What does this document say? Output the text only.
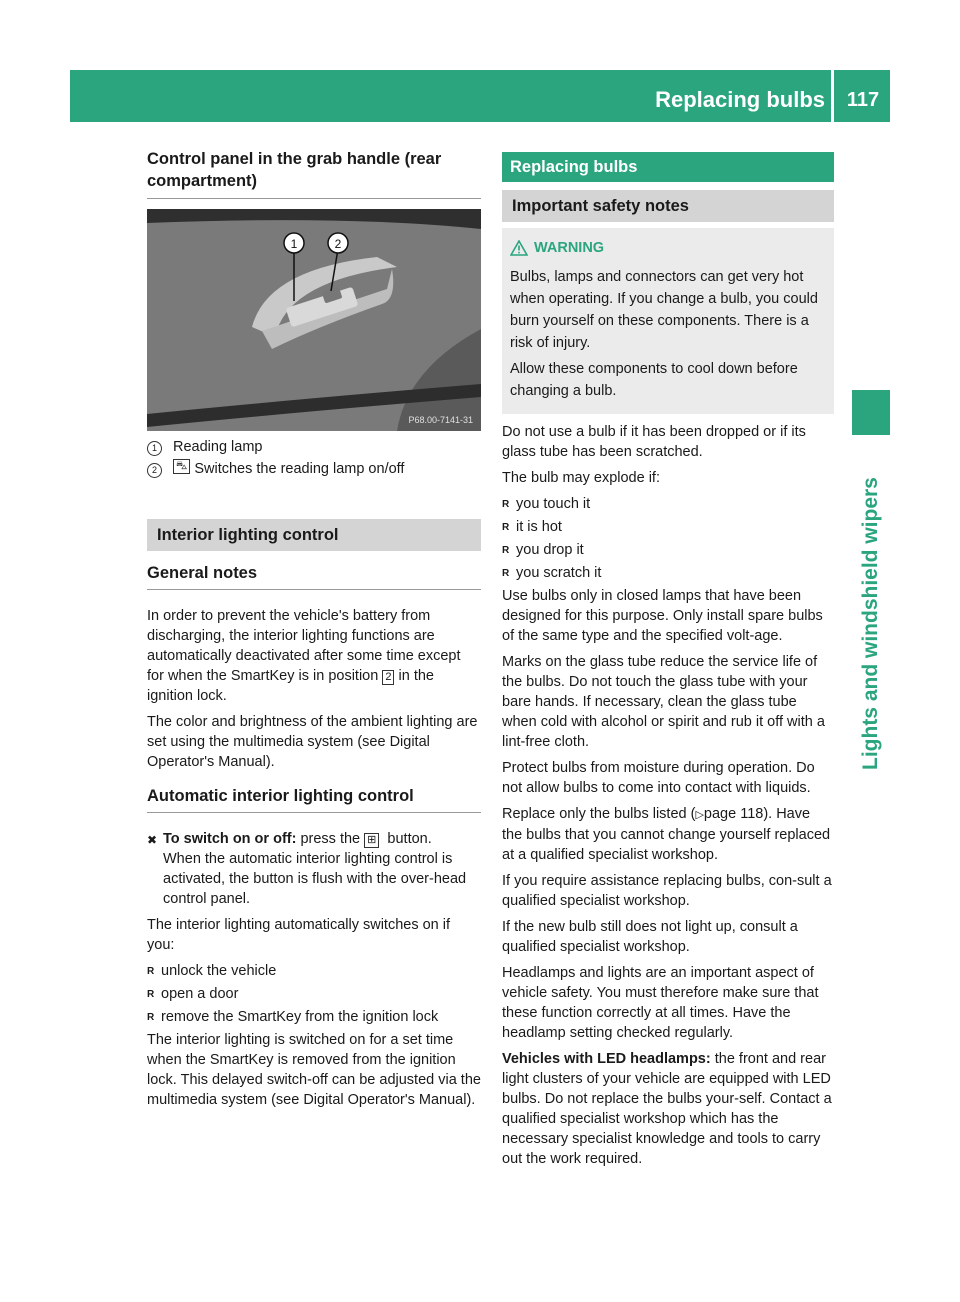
Replacing bulbs	117
Lights and windshield wipers
Control panel in the grab handle (rear compartment)
1	2
P68.00-7141-31
1	Reading lamp
2	⛍ Switches the reading lamp on/off
Interior lighting control
General notes

In order to prevent the vehicle's battery from discharging, the interior lighting functions are automatically deactivated after some time except for when the SmartKey is in position 2 in the ignition lock.

The color and brightness of the ambient lighting are set using the multimedia system (see Digital Operator's Manual).

Automatic interior lighting control
✖ To switch on or off: press the ⊞ button.
When the automatic interior lighting control is activated, the button is flush with the over-head control panel.

The interior lighting automatically switches on if you:

R unlock the vehicle
R open a door
R remove the SmartKey from the ignition lock

The interior lighting is switched on for a set time when the SmartKey is removed from the ignition lock. This delayed switch-off can be adjusted via the multimedia system (see Digital Operator's Manual).

Replacing bulbs
Important safety notes
WARNING

Bulbs, lamps and connectors can get very hot when operating. If you change a bulb, you could burn yourself on these components. There is a risk of injury.

Allow these components to cool down before changing a bulb.

Do not use a bulb if it has been dropped or if its glass tube has been scratched.

The bulb may explode if:

R you touch it
R it is hot
R you drop it
R you scratch it

Use bulbs only in closed lamps that have been designed for this purpose. Only install spare bulbs of the same type and the specified volt-age.

Marks on the glass tube reduce the service life of the bulbs. Do not touch the glass tube with your bare hands. If necessary, clean the glass tube when cold with alcohol or spirit and rub it off with a lint-free cloth.

Protect bulbs from moisture during operation. Do not allow bulbs to come into contact with liquids.

Replace only the bulbs listed (▷page 118). Have the bulbs that you cannot change yourself replaced at a qualified specialist workshop.

If you require assistance replacing bulbs, con-sult a qualified specialist workshop.

If the new bulb still does not light up, consult a qualified specialist workshop.

Headlamps and lights are an important aspect of vehicle safety. You must therefore make sure that these function correctly at all times. Have the headlamp setting checked regularly.

Vehicles with LED headlamps: the front and rear light clusters of your vehicle are equipped with LED bulbs. Do not replace the bulbs your-self. Contact a qualified specialist workshop which has the necessary specialist knowledge and tools to carry out the work required.
